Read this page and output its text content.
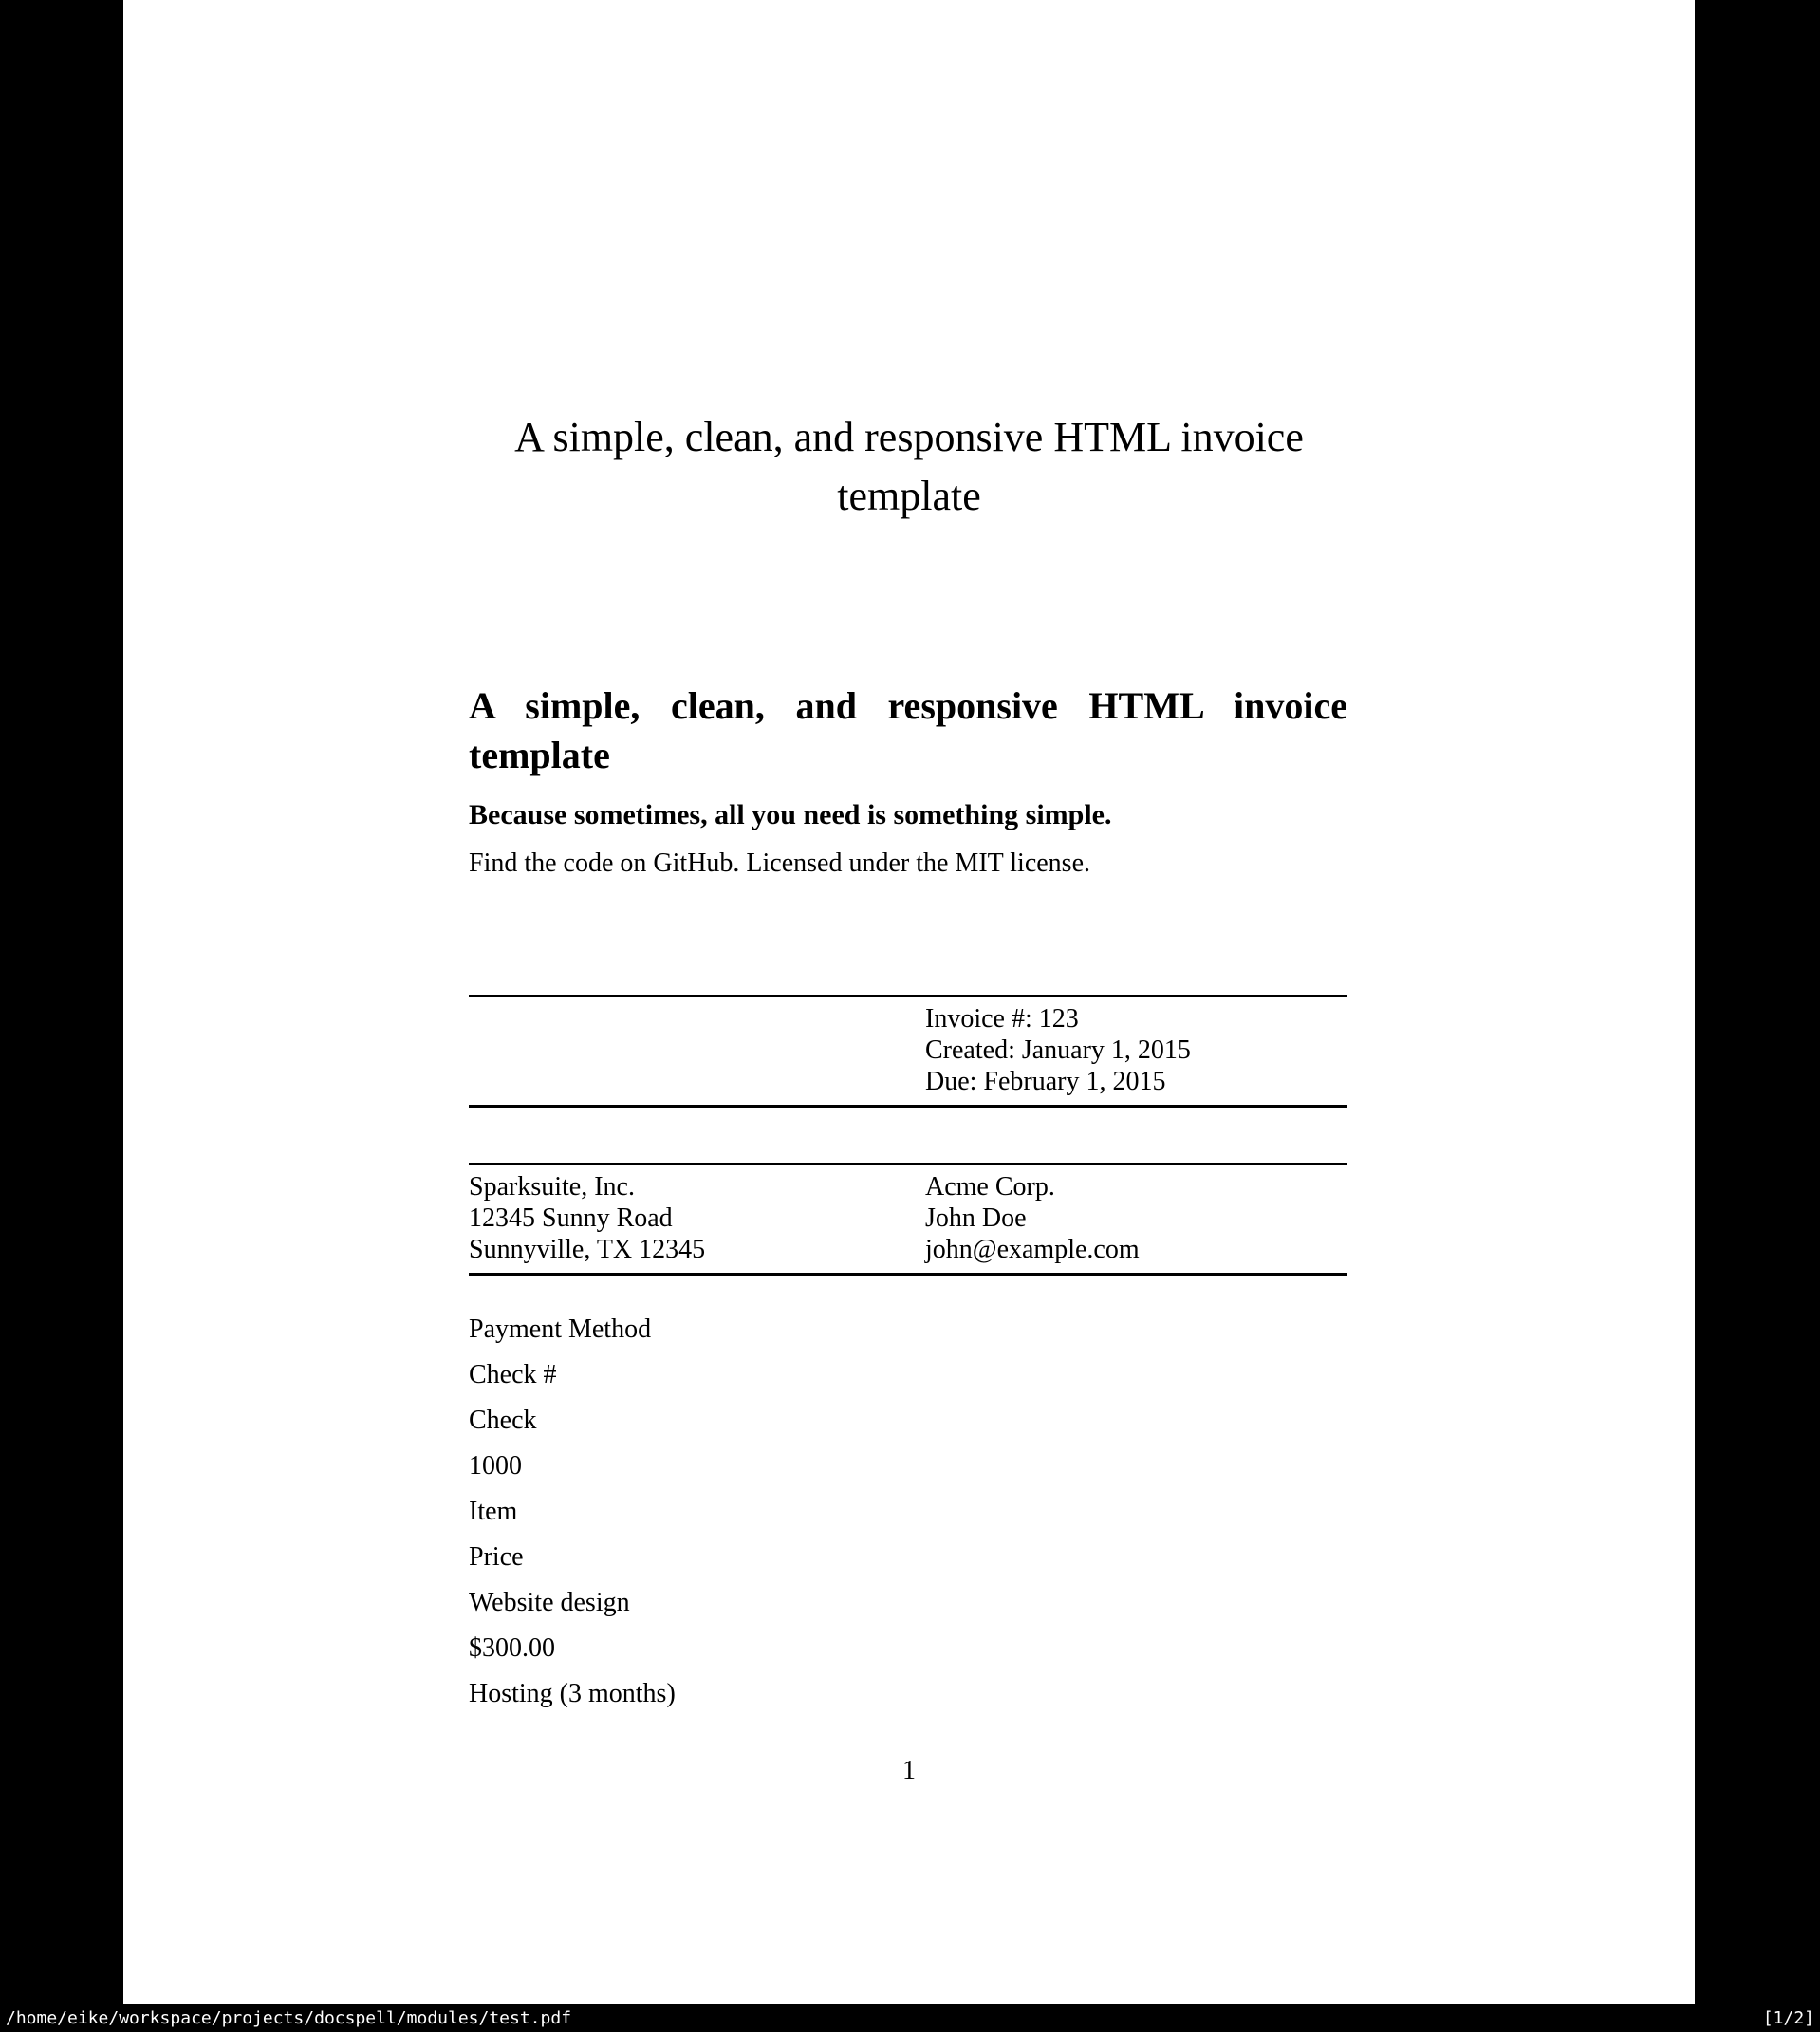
A simple, clean, and responsive HTML invoice template
A simple, clean, and responsive HTML invoice template
Because sometimes, all you need is something simple.
Find the code on GitHub. Licensed under the MIT license.
Invoice #: 123
Created: January 1, 2015
Due: February 1, 2015
Sparksuite, Inc.
12345 Sunny Road
Sunnyville, TX 12345
Acme Corp.
John Doe
john@example.com
Payment Method
Check #
Check
1000
Item
Price
Website design
$300.00
Hosting (3 months)
1
/home/eike/workspace/projects/docspell/modules/test.pdf	[1/2]
